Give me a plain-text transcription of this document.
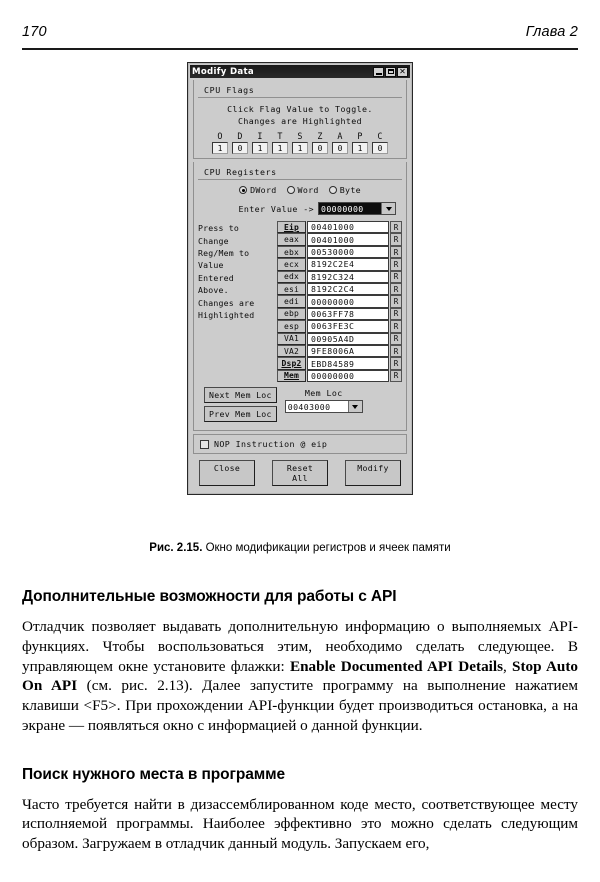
170	Глава 2
Modify Data	✕
CPU Flags
Click Flag Value to Toggle.
Changes are Highlighted
O
1
D
0
I
1
T
1
S
1
Z
0
A
0
P
1
C
0
CPU Registers
DWord	Word	Byte
Enter Value -> 00000000
Press to
Change
Reg/Mem to
Value
Entered
Above.
Changes are
Highlighted
Eip	00401000	R
eax	00401000	R
ebx	00530000	R
ecx	8192C2E4	R
edx	8192C324	R
esi	8192C2C4	R
edi	00000000	R
ebp	0063FF78	R
esp	0063FE3C	R
VA1	00905A4D	R
VA2	9FE8006A	R
Dsp2	EBD84589	R
Mem	00000000	R
Next Mem Loc
Prev Mem Loc
Mem Loc
00403000
NOP Instruction @ eip
Close	Reset All
Modify
Рис. 2.15. Окно модификации регистров и ячеек памяти
Дополнительные возможности для работы с API

Отладчик позволяет выдавать дополнительную информацию о выполняемых API-функциях. Чтобы воспользоваться этим, необходимо сделать следующее. В управляющем окне установите флажки: Enable Documented API Details, Stop Auto On API (см. рис. 2.13). Далее запустите программу на выполнение нажатием клавиши <F5>. При прохождении API-функции будет производиться остановка, а на экране — появляться окно с информацией о данной функции.

Поиск нужного места в программе

Часто требуется найти в дизассемблированном коде место, соответствующее месту исполняемой программы. Наиболее эффективно это можно сделать следующим образом. Загружаем в отладчик данный модуль. Запускаем его,
